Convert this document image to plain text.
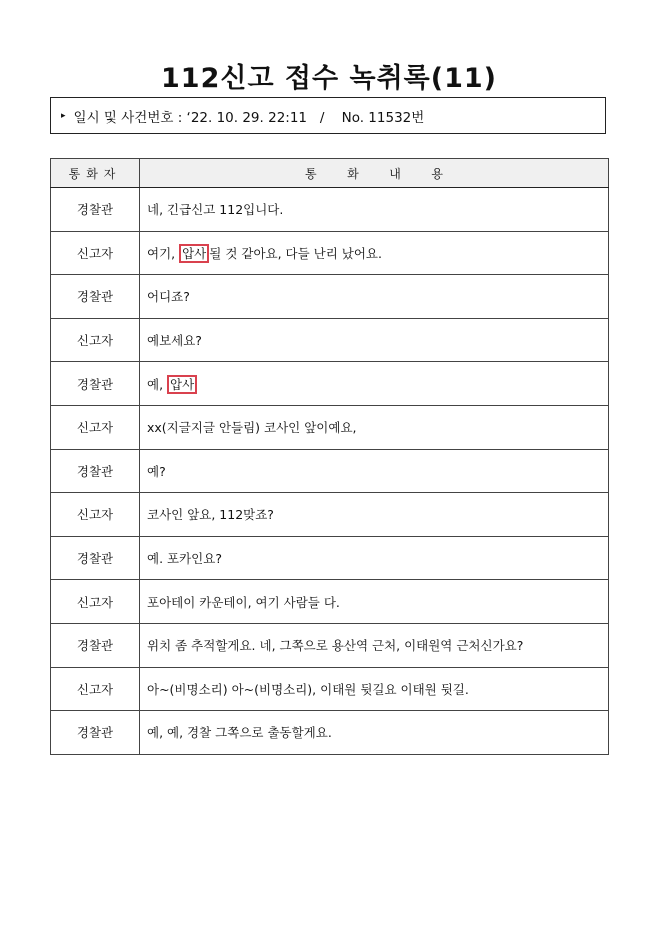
112신고 접수 녹취록(11)
▸ 일시 및 사건번호 : ‘22. 10. 29. 22:11   /    No. 11532번
통화자	통        화        내        용
경찰관	네, 긴급신고 112입니다.
신고자	여기, 압사 될 것 같아요, 다들 난리 났어요.
경찰관	어디죠?
신고자	예보세요?
경찰관	예, 압사
신고자	xx(지글지글 안들림) 코사인 앞이예요,
경찰관	예?
신고자	코사인 앞요, 112맞죠?
경찰관	예. 포카인요?
신고자	포아테이 카운테이, 여기 사람들 다.
경찰관	위치 좀 추적할게요. 네, 그쪽으로 용산역 근처, 이태원역 근처신가요?
신고자	아~(비명소리) 아~(비명소리), 이태원 뒷길요 이태원 뒷길.
경찰관	예, 예, 경찰 그쪽으로 출동할게요.
